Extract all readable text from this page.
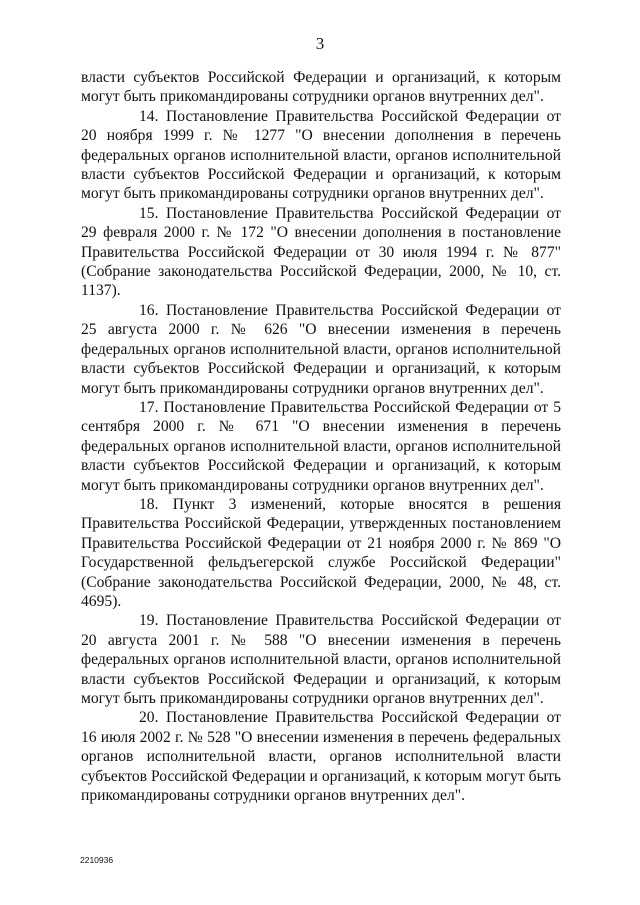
3

власти субъектов Российской Федерации и организаций, к которым могут быть прикомандированы сотрудники органов внутренних дел".

14. Постановление Правительства Российской Федерации от 20 ноября 1999 г. № 1277 "О внесении дополнения в перечень федеральных органов исполнительной власти, органов исполнительной власти субъектов Российской Федерации и организаций, к которым могут быть прикомандированы сотрудники органов внутренних дел".

15. Постановление Правительства Российской Федерации от 29 февраля 2000 г. № 172 "О внесении дополнения в постановление Правительства Российской Федерации от 30 июля 1994 г. № 877" (Собрание законодательства Российской Федерации, 2000, № 10, ст. 1137).

16. Постановление Правительства Российской Федерации от 25 августа 2000 г. № 626 "О внесении изменения в перечень федеральных органов исполнительной власти, органов исполнительной власти субъектов Российской Федерации и организаций, к которым могут быть прикомандированы сотрудники органов внутренних дел".

17. Постановление Правительства Российской Федерации от 5 сентября 2000 г. № 671 "О внесении изменения в перечень федеральных органов исполнительной власти, органов исполнительной власти субъектов Российской Федерации и организаций, к которым могут быть прикомандированы сотрудники органов внутренних дел".

18. Пункт 3 изменений, которые вносятся в решения Правительства Российской Федерации, утвержденных постановлением Правительства Российской Федерации от 21 ноября 2000 г. № 869 "О Государственной фельдъегерской службе Российской Федерации" (Собрание законодательства Российской Федерации, 2000, № 48, ст. 4695).

19. Постановление Правительства Российской Федерации от 20 августа 2001 г. № 588 "О внесении изменения в перечень федеральных органов исполнительной власти, органов исполнительной власти субъектов Российской Федерации и организаций, к которым могут быть прикомандированы сотрудники органов внутренних дел".

20. Постановление Правительства Российской Федерации от 16 июля 2002 г. № 528 "О внесении изменения в перечень федеральных органов исполнительной власти, органов исполнительной власти субъектов Российской Федерации и организаций, к которым могут быть прикомандированы сотрудники органов внутренних дел".

2210936
